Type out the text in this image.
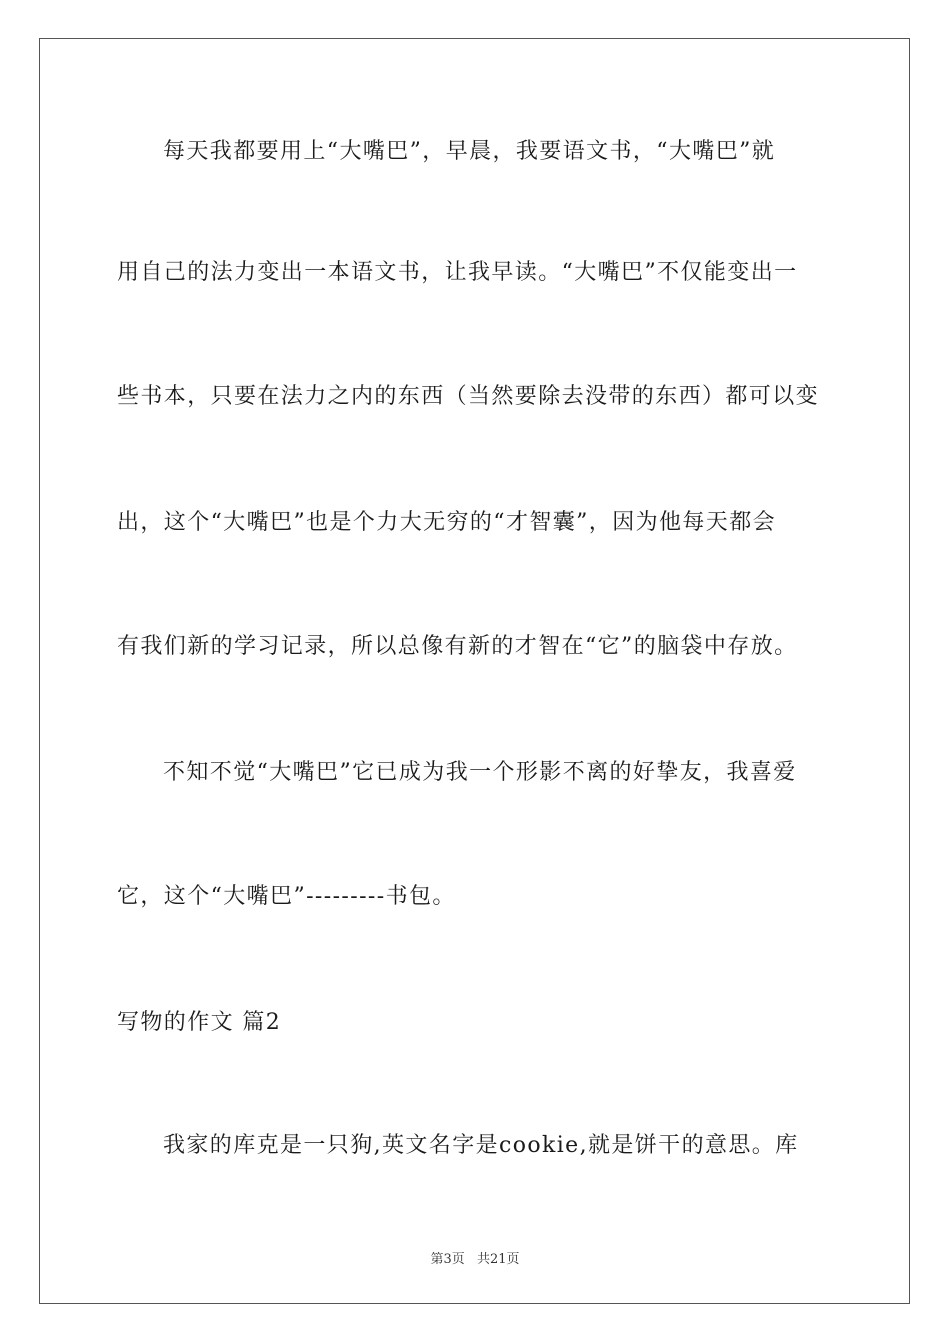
每天我都要用上“大嘴巴”，早晨，我要语文书，“大嘴巴”就
用自己的法力变出一本语文书，让我早读。“大嘴巴”不仅能变出一
些书本，只要在法力之内的东西（当然要除去没带的东西）都可以变
出，这个“大嘴巴”也是个力大无穷的“才智囊”，因为他每天都会
有我们新的学习记录，所以总像有新的才智在“它”的脑袋中存放。
不知不觉“大嘴巴”它已成为我一个形影不离的好挚友，我喜爱
它，这个“大嘴巴”---------书包。
写物的作文 篇2
我家的库克是一只狗,英文名字是cookie,就是饼干的意思。库
第3页 共21页
